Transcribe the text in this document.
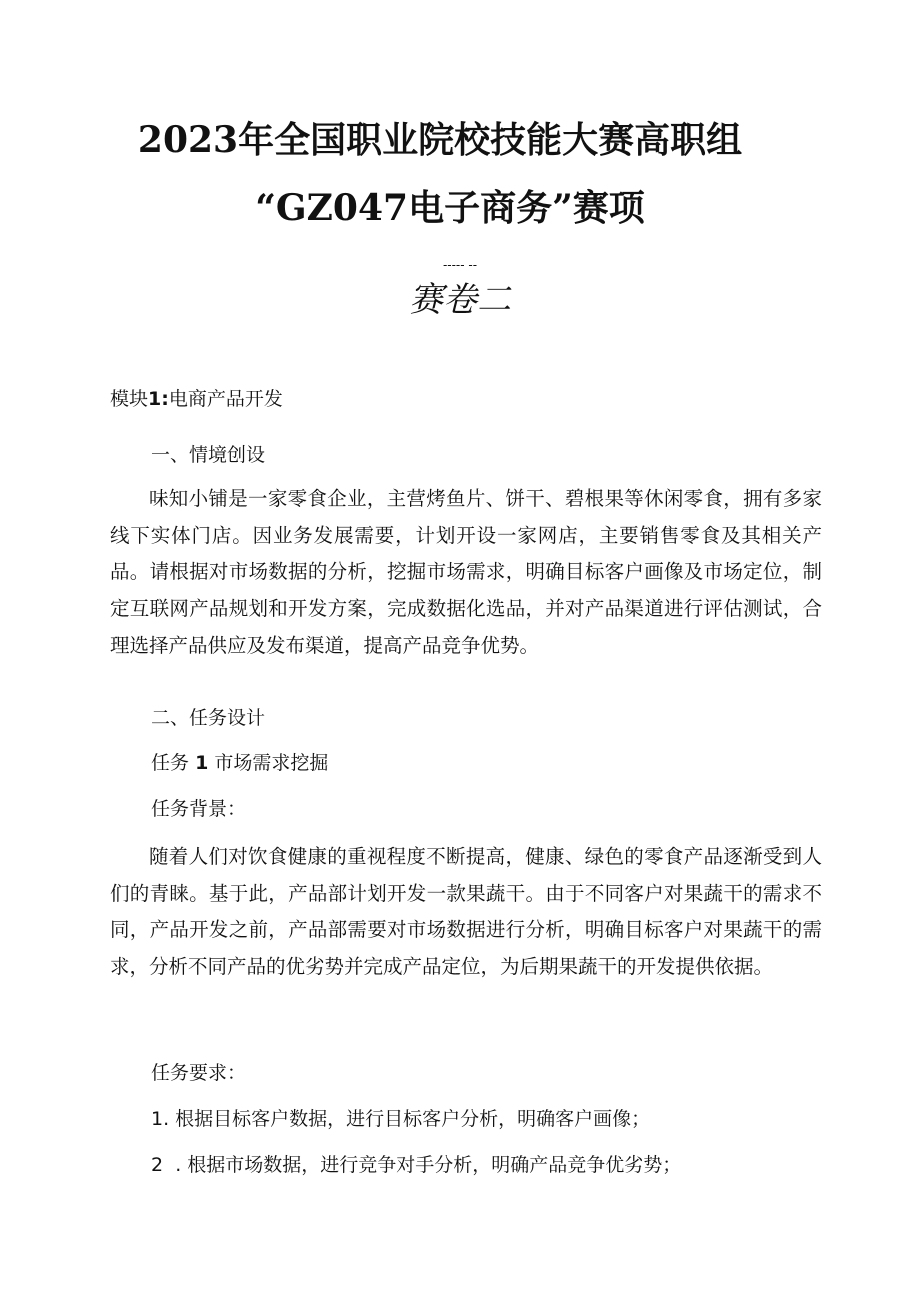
2023年全国职业院校技能大赛高职组
“GZ047电子商务”赛项
----- --
赛卷二
模块1:电商产品开发
一、情境创设
味知小铺是一家零食企业，主营烤鱼片、饼干、碧根果等休闲零食，拥有多家线下实体门店。因业务发展需要，计划开设一家网店，主要销售零食及其相关产品。请根据对市场数据的分析，挖掘市场需求，明确目标客户画像及市场定位，制定互联网产品规划和开发方案，完成数据化选品，并对产品渠道进行评估测试，合理选择产品供应及发布渠道，提高产品竞争优势。
二、任务设计
任务 1 市场需求挖掘
任务背景：
随着人们对饮食健康的重视程度不断提高，健康、绿色的零食产品逐渐受到人们的青睐。基于此，产品部计划开发一款果蔬干。由于不同客户对果蔬干的需求不同，产品开发之前，产品部需要对市场数据进行分析，明确目标客户对果蔬干的需求，分析不同产品的优劣势并完成产品定位，为后期果蔬干的开发提供依据。
任务要求：
1. 根据目标客户数据，进行目标客户分析，明确客户画像；
2 . 根据市场数据，进行竞争对手分析，明确产品竞争优劣势；
